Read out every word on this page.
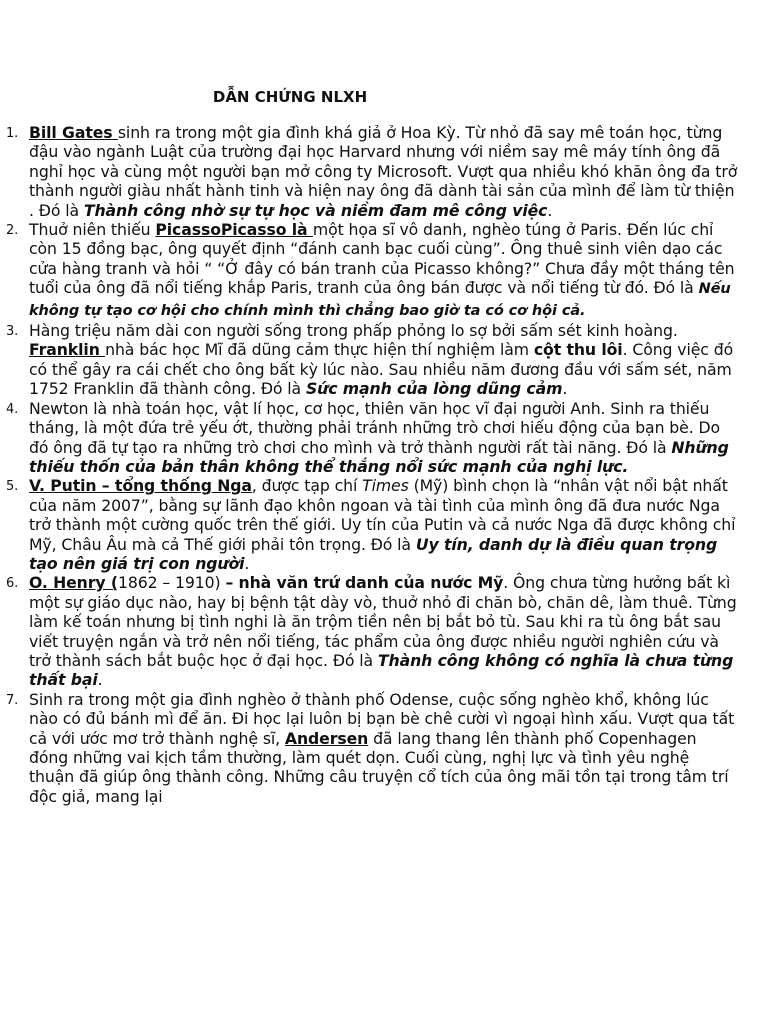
DẪN CHỨNG NLXH
1. Bill Gates sinh ra trong một gia đình khá giả ở Hoa Kỳ. Từ nhỏ đã say mê toán học, từng đậu vào ngành Luật của trường đại học Harvard nhưng với niềm say mê máy tính ông đã nghỉ học và cùng một người bạn mở công ty Microsoft. Vượt qua nhiều khó khăn ông đa trở thành người giàu nhất hành tinh và hiện nay ông đã dành tài sản của mình để làm từ thiện . Đó là Thành công nhờ sự tự học và niềm đam mê công việc.
2. Thuở niên thiếu PicassoPicasso là một họa sĩ vô danh, nghèo túng ở Paris. Đến lúc chỉ còn 15 đồng bạc, ông quyết định “đánh canh bạc cuối cùng”. Ông thuê sinh viên dạo các cửa hàng tranh và hỏi “ “Ở đây có bán tranh của Picasso không?” Chưa đầy một tháng tên tuổi của ông đã nổi tiếng khắp Paris, tranh của ông bán được và nổi tiếng từ đó. Đó là Nếu không tự tạo cơ hội cho chính mình thì chẳng bao giờ ta có cơ hội cả.
3. Hàng triệu năm dài con người sống trong phấp phỏng lo sợ bởi sấm sét kinh hoàng. Franklin nhà bác học Mĩ đã dũng cảm thực hiện thí nghiệm làm cột thu lôi. Công việc đó có thể gây ra cái chết cho ông bất kỳ lúc nào. Sau nhiều năm đương đầu với sấm sét, năm 1752 Franklin đã thành công. Đó là Sức mạnh của lòng dũng cảm.
4. Newton là nhà toán học, vật lí học, cơ học, thiên văn học vĩ đại người Anh. Sinh ra thiếu tháng, là một đứa trẻ yếu ớt, thường phải tránh những trò chơi hiếu động của bạn bè. Do đó ông đã tự tạo ra những trò chơi cho mình và trở thành người rất tài năng. Đó là Những thiếu thốn của bản thân không thể thắng nổi sức mạnh của nghị lực.
5. V. Putin – tổng thống Nga, được tạp chí Times (Mỹ) bình chọn là “nhân vật nổi bật nhất của năm 2007”, bằng sự lãnh đạo khôn ngoan và tài tình của mình ông đã đưa nước Nga trở thành một cường quốc trên thế giới. Uy tín của Putin và cả nước Nga đã được không chỉ Mỹ, Châu Âu mà cả Thế giới phải tôn trọng. Đó là Uy tín, danh dự là điều quan trọng tạo nên giá trị con người.
6. O. Henry (1862 – 1910) – nhà văn trứ danh của nước Mỹ. Ông chưa từng hưởng bất kì một sự giáo dục nào, hay bị bệnh tật dày vò, thuở nhỏ đi chăn bò, chăn dê, làm thuê. Từng làm kế toán nhưng bị tình nghi là ăn trộm tiền nên bị bắt bỏ tù. Sau khi ra tù ông bắt sau viết truyện ngắn và trở nên nổi tiếng, tác phẩm của ông được nhiều người nghiên cứu và trở thành sách bắt buộc học ở đại học. Đó là Thành công không có nghĩa là chưa từng thất bại.
7. Sinh ra trong một gia đình nghèo ở thành phố Odense, cuộc sống nghèo khổ, không lúc nào có đủ bánh mì để ăn. Đi học lại luôn bị bạn bè chê cười vì ngoại hình xấu. Vượt qua tất cả với ước mơ trở thành nghệ sĩ, Andersen đã lang thang lên thành phố Copenhagen đóng những vai kịch tầm thường, làm quét dọn. Cuối cùng, nghị lực và tình yêu nghệ thuận đã giúp ông thành công. Những câu truyện cổ tích của ông mãi tồn tại trong tâm trí độc giả, mang lại
